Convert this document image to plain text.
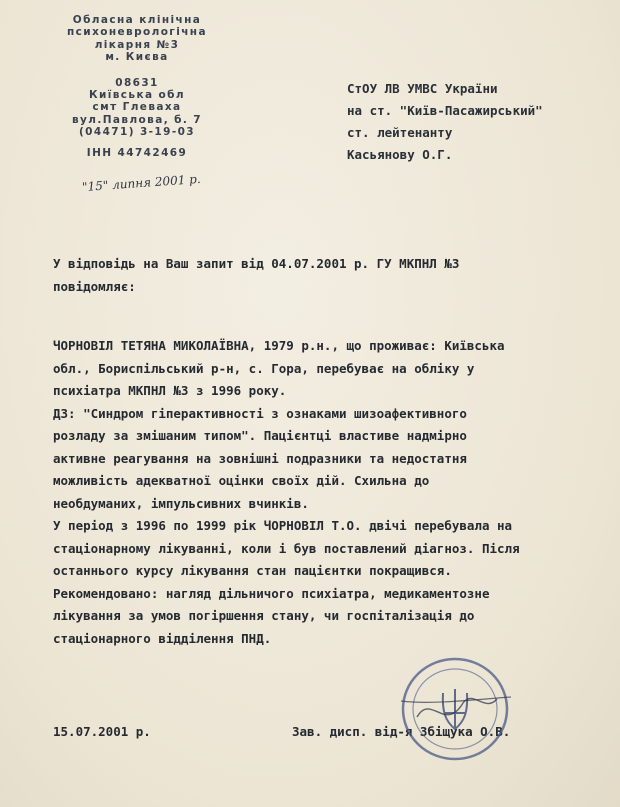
Обласна клінічна
психоневрологічна
лікарня №3
м. Києва
08631
Київська обл
смт Глеваха
вул.Павлова, б. 7
(04471) 3-19-03
ІНН 44742469
"15" липня 2001 р.
СтОУ ЛВ УМВС України
на ст. "Київ-Пасажирський"
ст. лейтенанту
Касьянову О.Г.
У відповідь на Ваш запит від 04.07.2001 р. ГУ МКПНЛ №3
повідомляє:
ЧОРНОВІЛ ТЕТЯНА МИКОЛАЇВНА, 1979 р.н., що проживає: Київська
обл., Бориспільський р-н, с. Гора, перебуває на обліку у
психіатра МКПНЛ №3 з 1996 року.
ДЗ: "Синдром гіперактивності з ознаками шизоафективного
розладу за змішаним типом". Пацієнтці властиве надмірно
активне реагування на зовнішні подразники та недостатня
можливість адекватної оцінки своїх дій. Схильна до
необдуманих, імпульсивних вчинків.
У період з 1996 по 1999 рік ЧОРНОВІЛ Т.О. двічі перебувала на
стаціонарному лікуванні, коли і був поставлений діагноз. Після
останнього курсу лікування стан пацієнтки покращився.
Рекомендовано: нагляд дільничого психіатра, медикаментозне
лікування за умов погіршення стану, чи госпіталізація до
стаціонарного відділення ПНД.
15.07.2001 р.	Зав. дисп. від-я Збіщука О.В.
